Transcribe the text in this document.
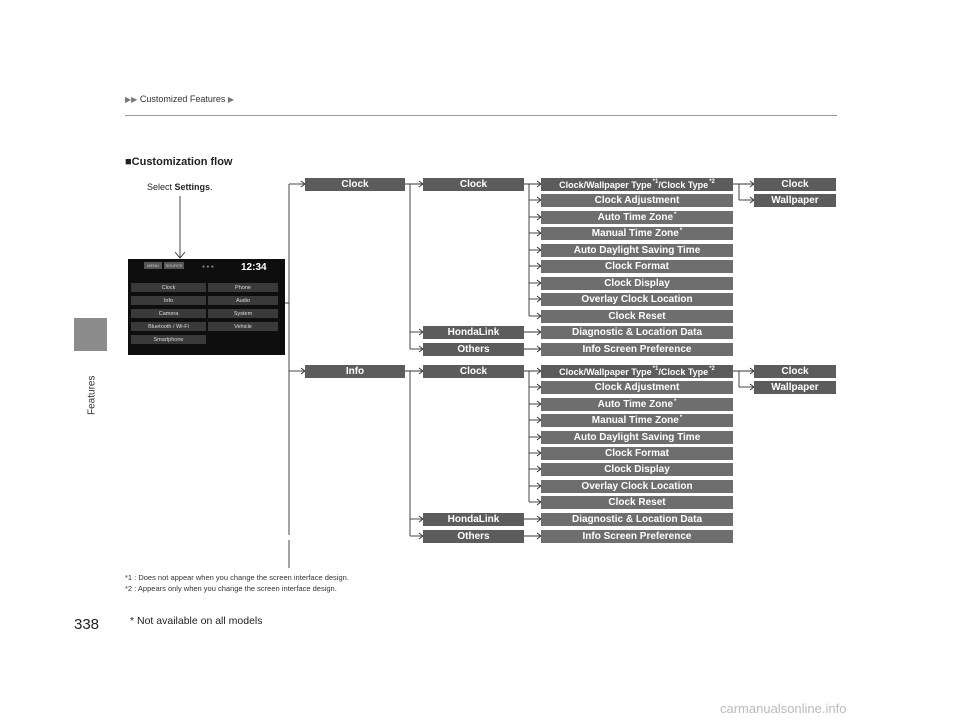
▶▶ Customized Features ▶
Features
■Customization flow
Select Settings.
MENU	SOURCE	● ● ●	12:34
Clock	Phone
Info	Audio
Camera	System
Bluetooth / Wi-Fi	Vehicle
Smartphone
Clock	Clock
HondaLink
Others
Clock/Wallpaper Type$^{*1}$ /Clock Type$^{*2}$
Clock Adjustment
Auto Time Zone*
Manual Time Zone*
Auto Daylight Saving Time
Clock Format
Clock Display
Overlay Clock Location
Clock Reset
Diagnostic & Location Data
Info Screen Preference
Clock
Wallpaper
Info	Clock
HondaLink
Others
Clock/Wallpaper Type$^{*1}$ /Clock Type$^{*2}$
Clock Adjustment
Auto Time Zone*
Manual Time Zone*
Auto Daylight Saving Time
Clock Format
Clock Display
Overlay Clock Location
Clock Reset
Diagnostic & Location Data
Info Screen Preference
Clock
Wallpaper
*1 : Does not appear when you change the screen interface design.
*2 : Appears only when you change the screen interface design.
338	* Not available on all models
carmanualsonline.info
